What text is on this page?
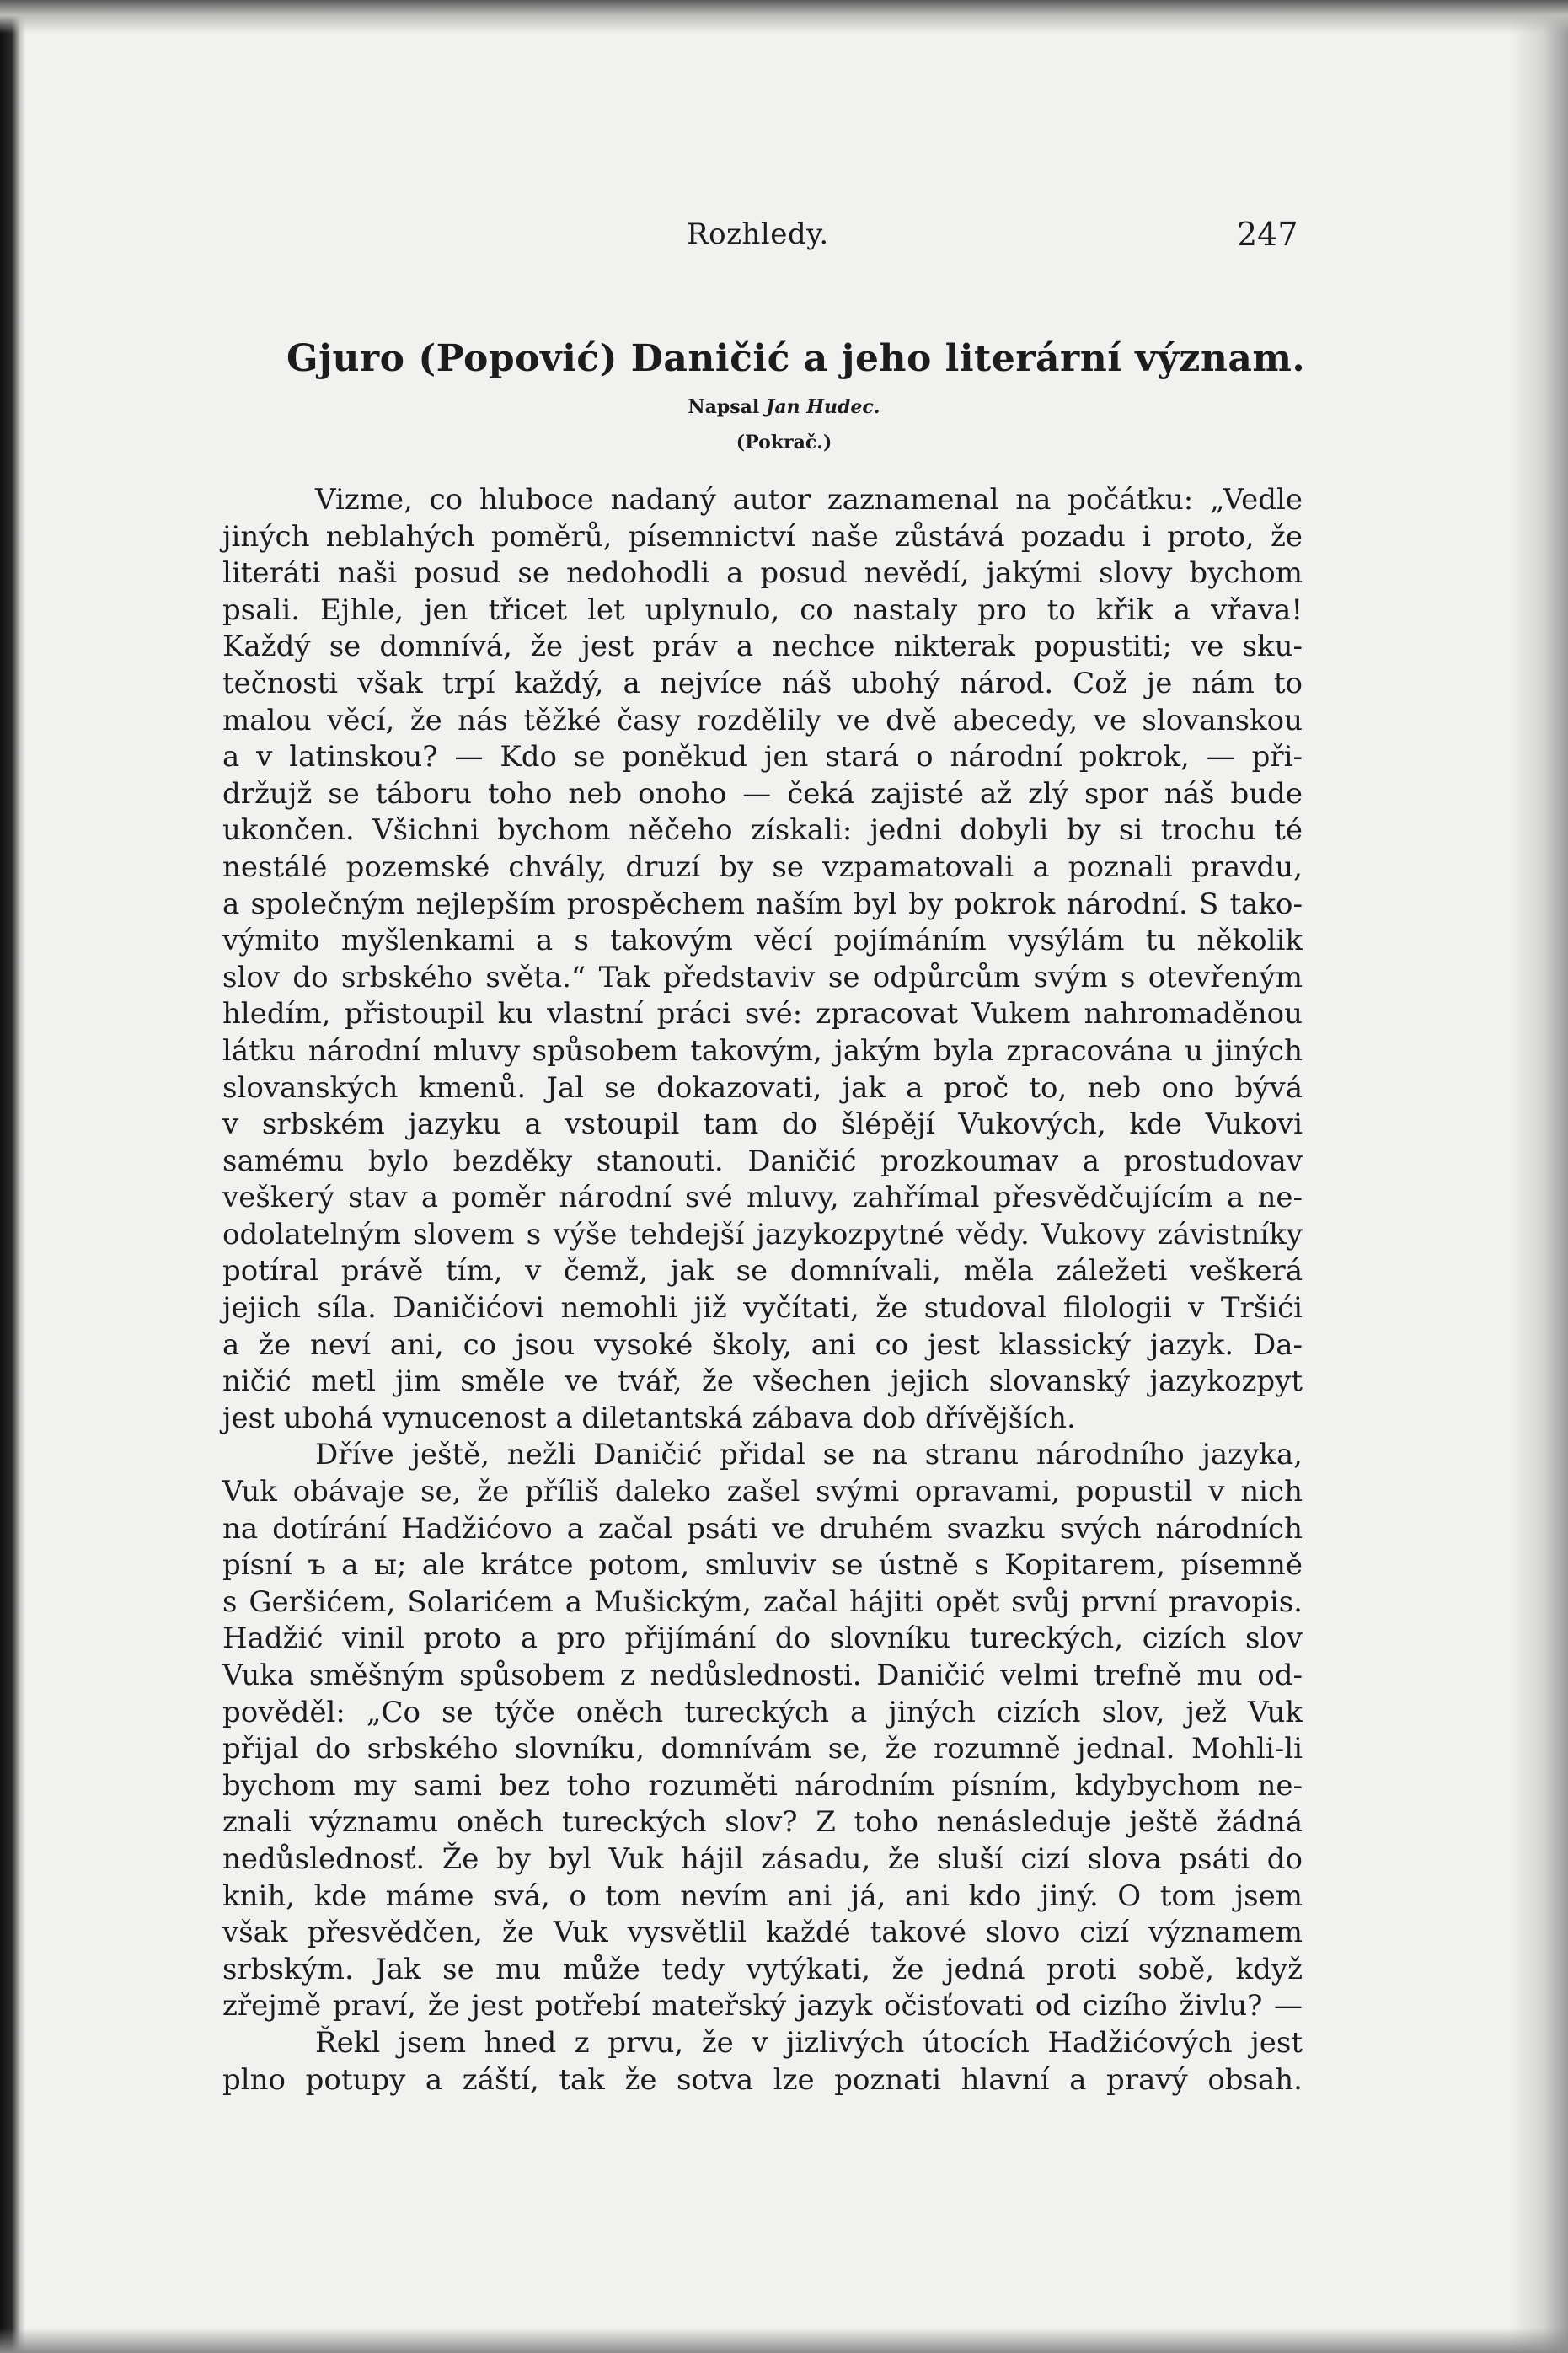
Rozhledy.	247
Gjuro (Popović) Daničić a jeho literární význam.
Napsal Jan Hudec.
(Pokrač.)
Vizme, co hluboce nadaný autor zaznamenal na počátku: „Vedle
jiných neblahých poměrů, písemnictví naše zůstává pozadu i proto, že
literáti naši posud se nedohodli a posud nevědí, jakými slovy bychom
psali. Ejhle, jen třicet let uplynulo, co nastaly pro to křik a vřava!
Každý se domnívá, že jest práv a nechce nikterak popustiti; ve sku-
tečnosti však trpí každý, a nejvíce náš ubohý národ. Což je nám to
malou věcí, že nás těžké časy rozdělily ve dvě abecedy, ve slovanskou
a v latinskou? — Kdo se poněkud jen stará o národní pokrok, — při-
držujž se táboru toho neb onoho — čeká zajisté až zlý spor náš bude
ukončen. Všichni bychom něčeho získali: jedni dobyli by si trochu té
nestálé pozemské chvály, druzí by se vzpamatovali a poznali pravdu,
a společným nejlepším prospěchem naším byl by pokrok národní. S tako-
výmito myšlenkami a s takovým věcí pojímáním vysýlám tu několik
slov do srbského světa.“ Tak představiv se odpůrcům svým s otevřeným
hledím, přistoupil ku vlastní práci své: zpracovat Vukem nahromaděnou
látku národní mluvy spůsobem takovým, jakým byla zpracována u jiných
slovanských kmenů. Jal se dokazovati, jak a proč to, neb ono bývá
v srbském jazyku a vstoupil tam do šlépějí Vukových, kde Vukovi
samému bylo bezděky stanouti. Daničić prozkoumav a prostudovav
veškerý stav a poměr národní své mluvy, zahřímal přesvědčujícím a ne-
odolatelným slovem s výše tehdejší jazykozpytné vědy. Vukovy závistníky
potíral právě tím, v čemž, jak se domnívali, měla záležeti veškerá
jejich síla. Daničićovi nemohli již vyčítati, že studoval filologii v Tršići
a že neví ani, co jsou vysoké školy, ani co jest klassický jazyk. Da-
ničić metl jim směle ve tvář, že všechen jejich slovanský jazykozpyt
jest ubohá vynucenost a diletantská zábava dob dřívějších.
Dříve ještě, nežli Daničić přidal se na stranu národního jazyka,
Vuk obávaje se, že příliš daleko zašel svými opravami, popustil v nich
na dotírání Hadžićovo a začal psáti ve druhém svazku svých národních
písní ъ a ы; ale krátce potom, smluviv se ústně s Kopitarem, písemně
s Geršićem, Solarićem a Mušickým, začal hájiti opět svůj první pravopis.
Hadžić vinil proto a pro přijímání do slovníku tureckých, cizích slov
Vuka směšným spůsobem z nedůslednosti. Daničić velmi trefně mu od-
pověděl: „Co se týče oněch tureckých a jiných cizích slov, jež Vuk
přijal do srbského slovníku, domnívám se, že rozumně jednal. Mohli-li
bychom my sami bez toho rozuměti národním písním, kdybychom ne-
znali významu oněch tureckých slov? Z toho nenásleduje ještě žádná
nedůslednosť. Že by byl Vuk hájil zásadu, že sluší cizí slova psáti do
knih, kde máme svá, o tom nevím ani já, ani kdo jiný. O tom jsem
však přesvědčen, že Vuk vysvětlil každé takové slovo cizí významem
srbským. Jak se mu může tedy vytýkati, že jedná proti sobě, když
zřejmě praví, že jest potřebí mateřský jazyk očisťovati od cizího živlu? —
Řekl jsem hned z prvu, že v jizlivých útocích Hadžićových jest
plno potupy a záští, tak že sotva lze poznati hlavní a pravý obsah.
